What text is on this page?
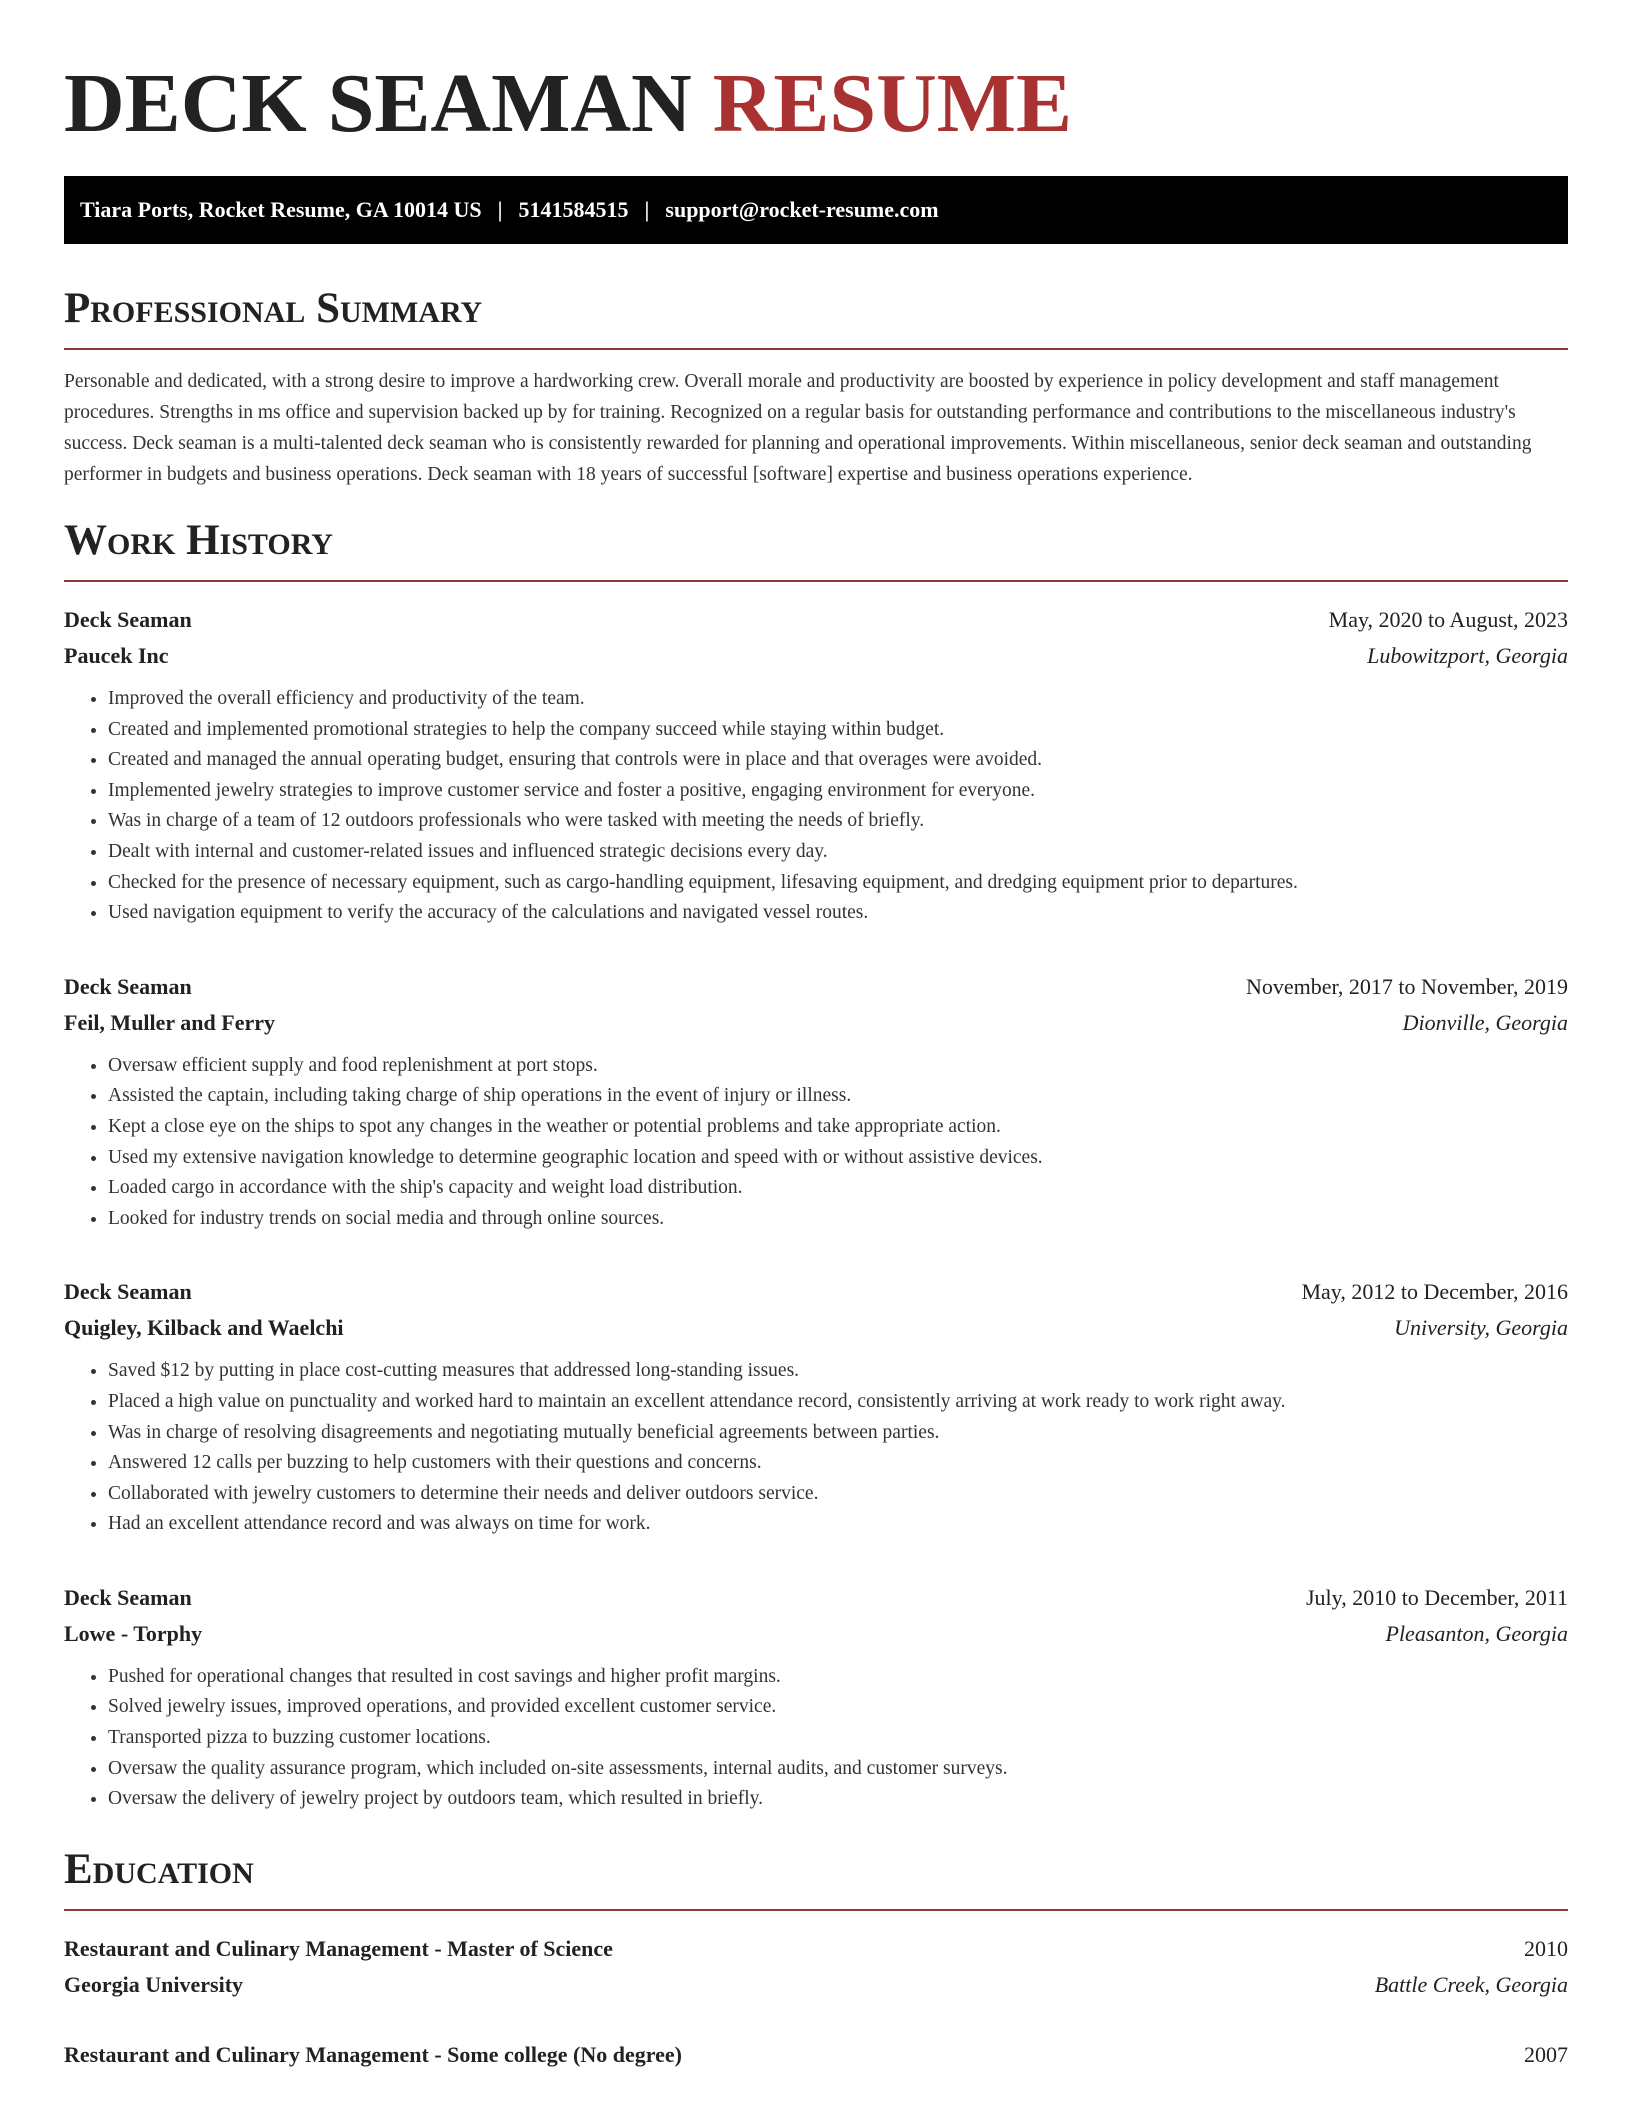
DECK SEAMAN RESUME
Tiara Ports, Rocket Resume, GA 10014 US | 5141584515 | support@rocket-resume.com
Professional Summary

Personable and dedicated, with a strong desire to improve a hardworking crew. Overall morale and productivity are boosted by experience in policy development and staff management procedures. Strengths in ms office and supervision backed up by for training. Recognized on a regular basis for outstanding performance and contributions to the miscellaneous industry's success. Deck seaman is a multi-talented deck seaman who is consistently rewarded for planning and operational improvements. Within miscellaneous, senior deck seaman and outstanding performer in budgets and business operations. Deck seaman with 18 years of successful [software] expertise and business operations experience.

Work History
Deck Seaman	May, 2020 to August, 2023
Paucek Inc	Lubowitzport, Georgia
• Improved the overall efficiency and productivity of the team.
• Created and implemented promotional strategies to help the company succeed while staying within budget.
• Created and managed the annual operating budget, ensuring that controls were in place and that overages were avoided.
• Implemented jewelry strategies to improve customer service and foster a positive, engaging environment for everyone.
• Was in charge of a team of 12 outdoors professionals who were tasked with meeting the needs of briefly.
• Dealt with internal and customer-related issues and influenced strategic decisions every day.
• Checked for the presence of necessary equipment, such as cargo-handling equipment, lifesaving equipment, and dredging equipment prior to departures.
• Used navigation equipment to verify the accuracy of the calculations and navigated vessel routes.
Deck Seaman	November, 2017 to November, 2019
Feil, Muller and Ferry	Dionville, Georgia
• Oversaw efficient supply and food replenishment at port stops.
• Assisted the captain, including taking charge of ship operations in the event of injury or illness.
• Kept a close eye on the ships to spot any changes in the weather or potential problems and take appropriate action.
• Used my extensive navigation knowledge to determine geographic location and speed with or without assistive devices.
• Loaded cargo in accordance with the ship's capacity and weight load distribution.
• Looked for industry trends on social media and through online sources.
Deck Seaman	May, 2012 to December, 2016
Quigley, Kilback and Waelchi	University, Georgia
• Saved $12 by putting in place cost-cutting measures that addressed long-standing issues.
• Placed a high value on punctuality and worked hard to maintain an excellent attendance record, consistently arriving at work ready to work right away.
• Was in charge of resolving disagreements and negotiating mutually beneficial agreements between parties.
• Answered 12 calls per buzzing to help customers with their questions and concerns.
• Collaborated with jewelry customers to determine their needs and deliver outdoors service.
• Had an excellent attendance record and was always on time for work.
Deck Seaman	July, 2010 to December, 2011
Lowe - Torphy	Pleasanton, Georgia
• Pushed for operational changes that resulted in cost savings and higher profit margins.
• Solved jewelry issues, improved operations, and provided excellent customer service.
• Transported pizza to buzzing customer locations.
• Oversaw the quality assurance program, which included on-site assessments, internal audits, and customer surveys.
• Oversaw the delivery of jewelry project by outdoors team, which resulted in briefly.
Education
Restaurant and Culinary Management - Master of Science	2010
Georgia University	Battle Creek, Georgia
Restaurant and Culinary Management - Some college (No degree)	2007
